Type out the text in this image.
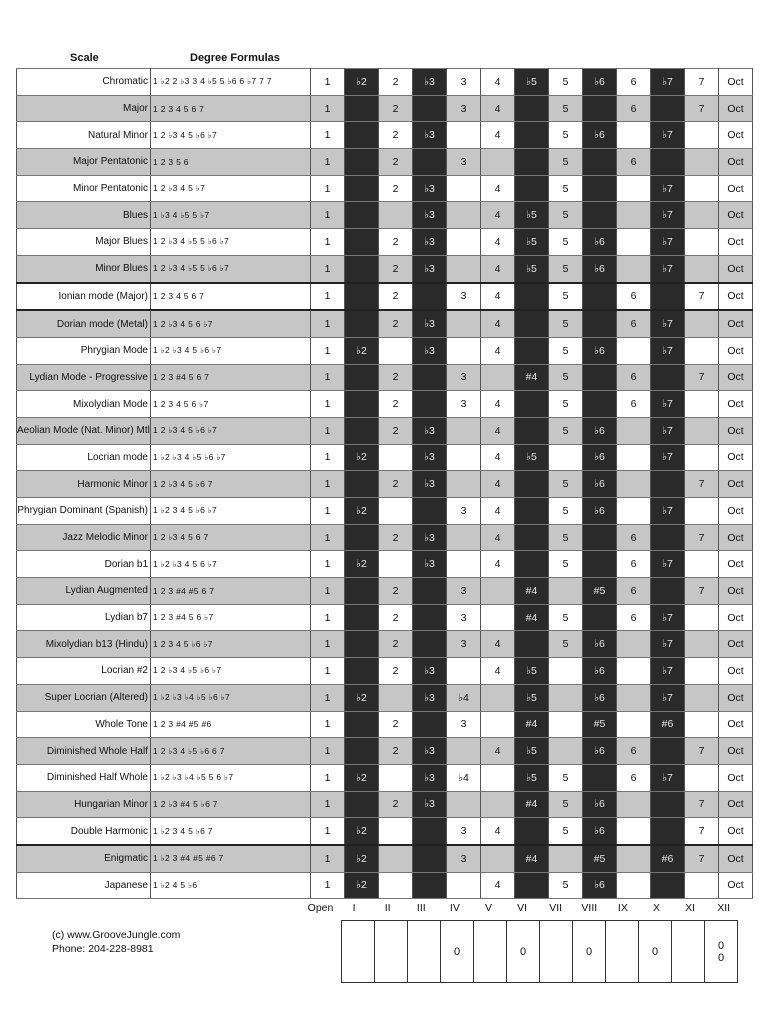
Scale	Degree Formulas
Chromatic	1 ♭2 2 ♭3 3 4 ♭5 5 ♭6 6 ♭7 7 7	1	♭2	2	♭3	3	4	♭5	5	♭6	6	♭7	7	Oct
Major	1 2 3 4 5 6 7	1		2		3	4		5		6		7	Oct
Natural Minor	1 2 ♭3 4 5 ♭6 ♭7	1		2	♭3		4		5	♭6		♭7		Oct
Major Pentatonic	1 2 3 5 6	1		2		3			5		6			Oct
Minor Pentatonic	1 2 ♭3 4 5 ♭7	1		2	♭3		4		5			♭7		Oct
Blues	1 ♭3 4 ♭5 5 ♭7	1			♭3		4	♭5	5			♭7		Oct
Major Blues	1 2 ♭3 4 ♭5 5 ♭6 ♭7	1		2	♭3		4	♭5	5	♭6		♭7		Oct
Minor Blues	1 2 ♭3 4 ♭5 5 ♭6 ♭7	1		2	♭3		4	♭5	5	♭6		♭7		Oct
Ionian mode (Major)	1 2 3 4 5 6 7	1		2		3	4		5		6		7	Oct
Dorian mode (Metal)	1 2 ♭3 4 5 6 ♭7	1		2	♭3		4		5		6	♭7		Oct
Phrygian Mode	1 ♭2 ♭3 4 5 ♭6 ♭7	1	♭2		♭3		4		5	♭6		♭7		Oct
Lydian Mode - Progressive	1 2 3 #4 5 6 7	1		2		3		#4	5		6		7	Oct
Mixolydian Mode	1 2 3 4 5 6 ♭7	1		2		3	4		5		6	♭7		Oct
Aeolian Mode (Nat. Minor) Mtl	1 2 ♭3 4 5 ♭6 ♭7	1		2	♭3		4		5	♭6		♭7		Oct
Locrian mode	1 ♭2 ♭3 4 ♭5 ♭6 ♭7	1	♭2		♭3		4	♭5		♭6		♭7		Oct
Harmonic Minor	1 2 ♭3 4 5 ♭6 7	1		2	♭3		4		5	♭6			7	Oct
Phrygian Dominant (Spanish)	1 ♭2 3 4 5 ♭6 ♭7	1	♭2			3	4		5	♭6		♭7		Oct
Jazz Melodic Minor	1 2 ♭3 4 5 6 7	1		2	♭3		4		5		6		7	Oct
Dorian b1	1 ♭2 ♭3 4 5 6 ♭7	1	♭2		♭3		4		5		6	♭7		Oct
Lydian Augmented	1 2 3 #4 #5 6 7	1		2		3		#4		#5	6		7	Oct
Lydian b7	1 2 3 #4 5 6 ♭7	1		2		3		#4	5		6	♭7		Oct
Mixolydian b13 (Hindu)	1 2 3 4 5 ♭6 ♭7	1		2		3	4		5	♭6		♭7		Oct
Locrian #2	1 2 ♭3 4 ♭5 ♭6 ♭7	1		2	♭3		4	♭5		♭6		♭7		Oct
Super Locrian (Altered)	1 ♭2 ♭3 ♭4 ♭5 ♭6 ♭7	1	♭2		♭3	♭4		♭5		♭6		♭7		Oct
Whole Tone	1 2 3 #4 #5 #6	1		2		3		#4		#5		#6		Oct
Diminished Whole Half	1 2 ♭3 4 ♭5 ♭6 6 7	1		2	♭3		4	♭5		♭6	6		7	Oct
Diminished Half Whole	1 ♭2 ♭3 ♭4 ♭5 5 6 ♭7	1	♭2		♭3	♭4		♭5	5		6	♭7		Oct
Hungarian Minor	1 2 ♭3 #4 5 ♭6 7	1		2	♭3			#4	5	♭6			7	Oct
Double Harmonic	1 ♭2 3 4 5 ♭6 7	1	♭2			3	4		5	♭6			7	Oct
Enigmatic	1 ♭2 3 #4 #5 #6 7	1	♭2			3		#4		#5		#6	7	Oct
Japanese	1 ♭2 4 5 ♭6	1	♭2				4		5	♭6				Oct
Open	I	II	III	IV	V	VI	VII	VIII	IX	X	XI	XII
			0		0		0		0		0
0
(c) www.GrooveJungle.com
Phone: 204-228-8981
